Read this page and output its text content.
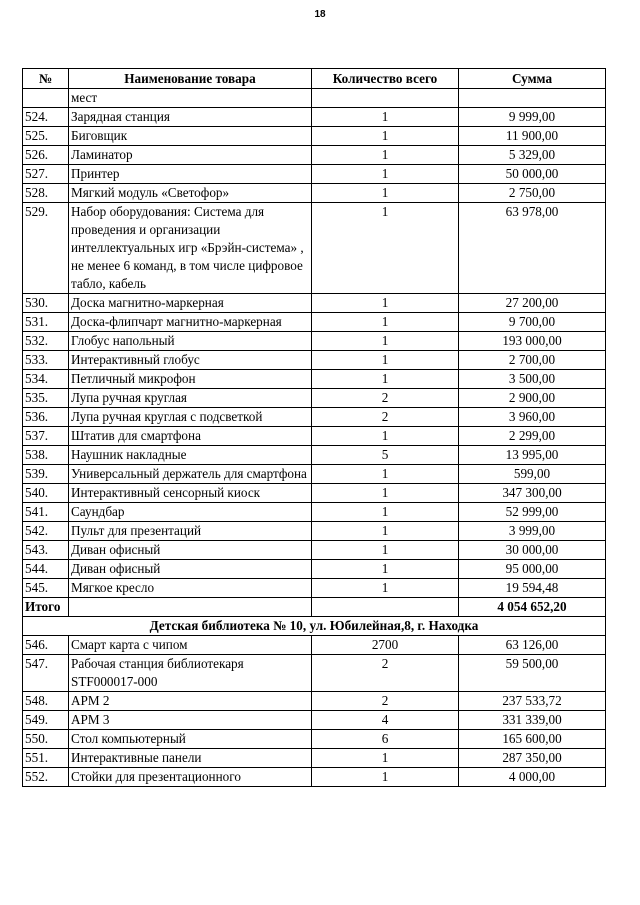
18
№	Наименование товара	Количество всего	Сумма
	мест		
524.	Зарядная станция	1	9 999,00
525.	Биговщик	1	11 900,00
526.	Ламинатор	1	5 329,00
527.	Принтер	1	50 000,00
528.	Мягкий модуль «Светофор»	1	2 750,00
529.	Набор оборудования: Система для проведения и организации интеллектуальных игр «Брэйн-система» , не менее 6 команд, в том числе цифровое табло, кабель	1	63 978,00
530.	Доска магнитно-маркерная	1	27 200,00
531.	Доска-флипчарт магнитно-маркерная	1	9 700,00
532.	Глобус напольный	1	193 000,00
533.	Интерактивный глобус	1	2 700,00
534.	Петличный микрофон	1	3 500,00
535.	Лупа ручная круглая	2	2 900,00
536.	Лупа ручная круглая с подсветкой	2	3 960,00
537.	Штатив для смартфона	1	2 299,00
538.	Наушник накладные	5	13 995,00
539.	Универсальный держатель для смартфона	1	599,00
540.	Интерактивный сенсорный киоск	1	347 300,00
541.	Саундбар	1	52 999,00
542.	Пульт для презентаций	1	3 999,00
543.	Диван офисный	1	30 000,00
544.	Диван офисный	1	95 000,00
545.	Мягкое кресло	1	19 594,48
Итого			4 054 652,20
Детская библиотека № 10, ул. Юбилейная,8, г. Находка			
546.	Смарт карта с чипом	2700	63 126,00
547.	Рабочая станция библиотекаря STF000017-000	2	59 500,00
548.	АРМ 2	2	237 533,72
549.	АРМ 3	4	331 339,00
550.	Стол компьютерный	6	165 600,00
551.	Интерактивные панели	1	287 350,00
552.	Стойки для презентационного	1	4 000,00
